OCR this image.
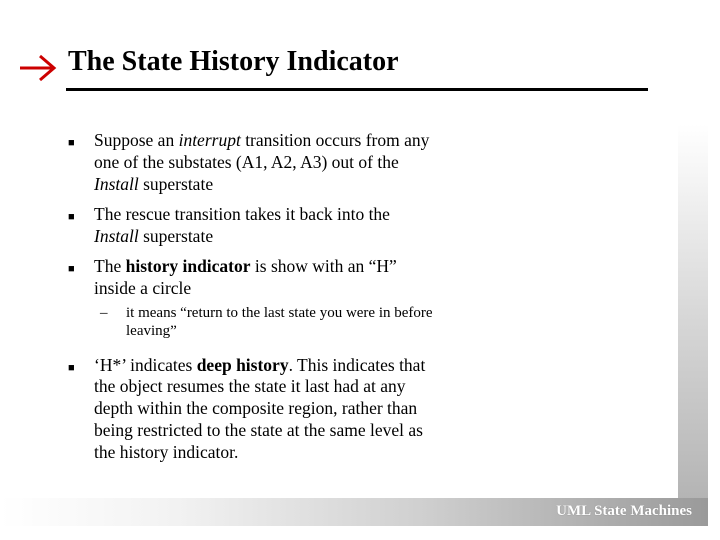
The State History Indicator
■ Suppose an interrupt transition occurs from any one of the substates (A1, A2, A3) out of the Install superstate
■ The rescue transition takes it back into the Install superstate
■ The history indicator is show with an “H” inside a circle
– it means “return to the last state you were in before leaving”
■ ‘H*’ indicates deep history. This indicates that the object resumes the state it last had at any depth within the composite region, rather than being restricted to the state at the same level as the history indicator.
UML State Machines
